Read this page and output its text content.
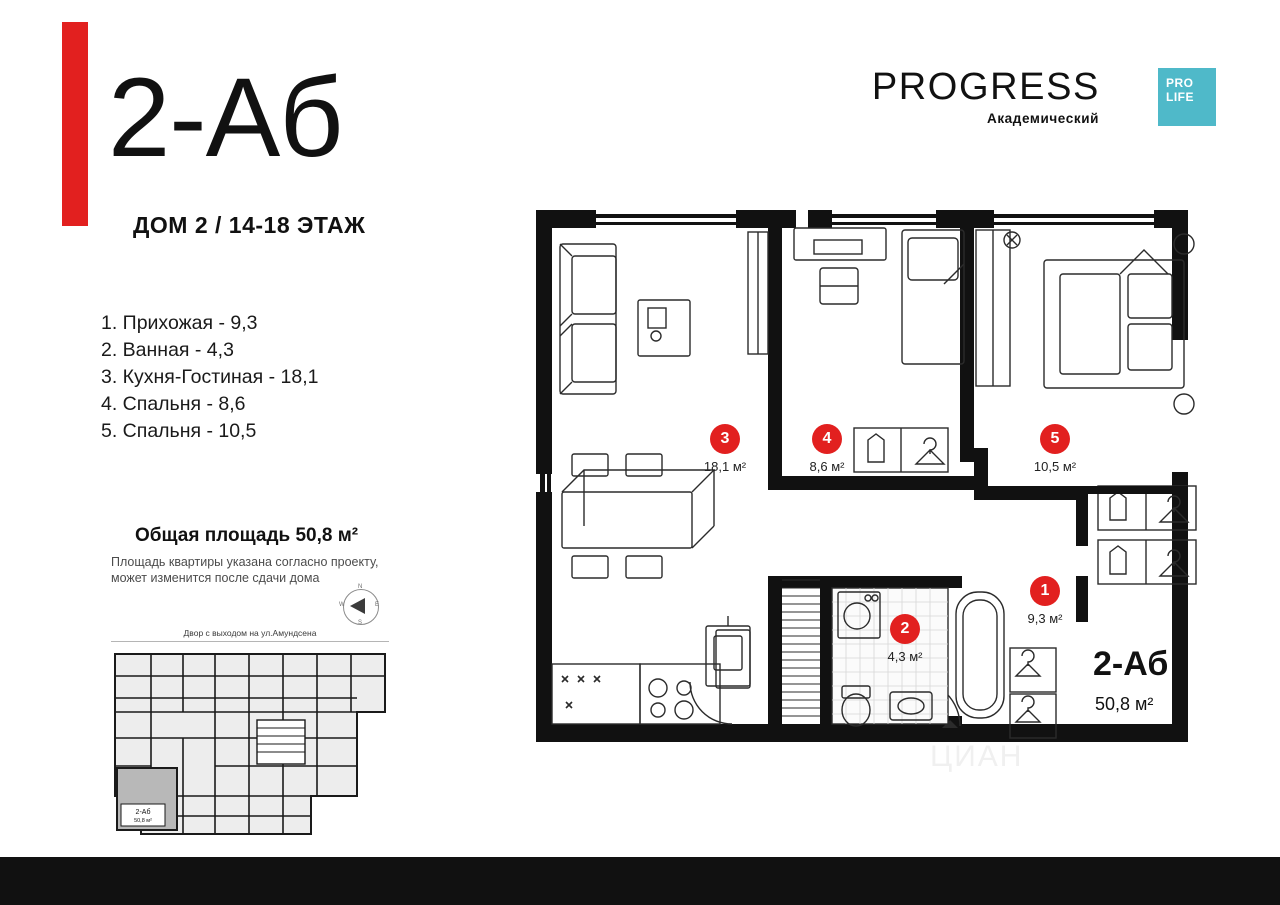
2-Аб
ДОМ 2 / 14-18 ЭТАЖ
1. Прихожая - 9,3
2. Ванная - 4,3
3. Кухня-Гостиная - 18,1
4. Спальня - 8,6
5. Спальня - 10,5
Общая площадь 50,8 м²
Площадь квартиры указана согласно проекту, может изменится после сдачи дома
N
S
E
W
Двор с выходом на ул.Амундсена
2-Аб
50,8 м²
PROGRESS
Академический
PRO
LIFE
3
18,1 м²
4
8,6 м²
5
10,5 м²
1
9,3 м²
2
4,3 м²	2-Аб
50,8 м²
ЦИАН
